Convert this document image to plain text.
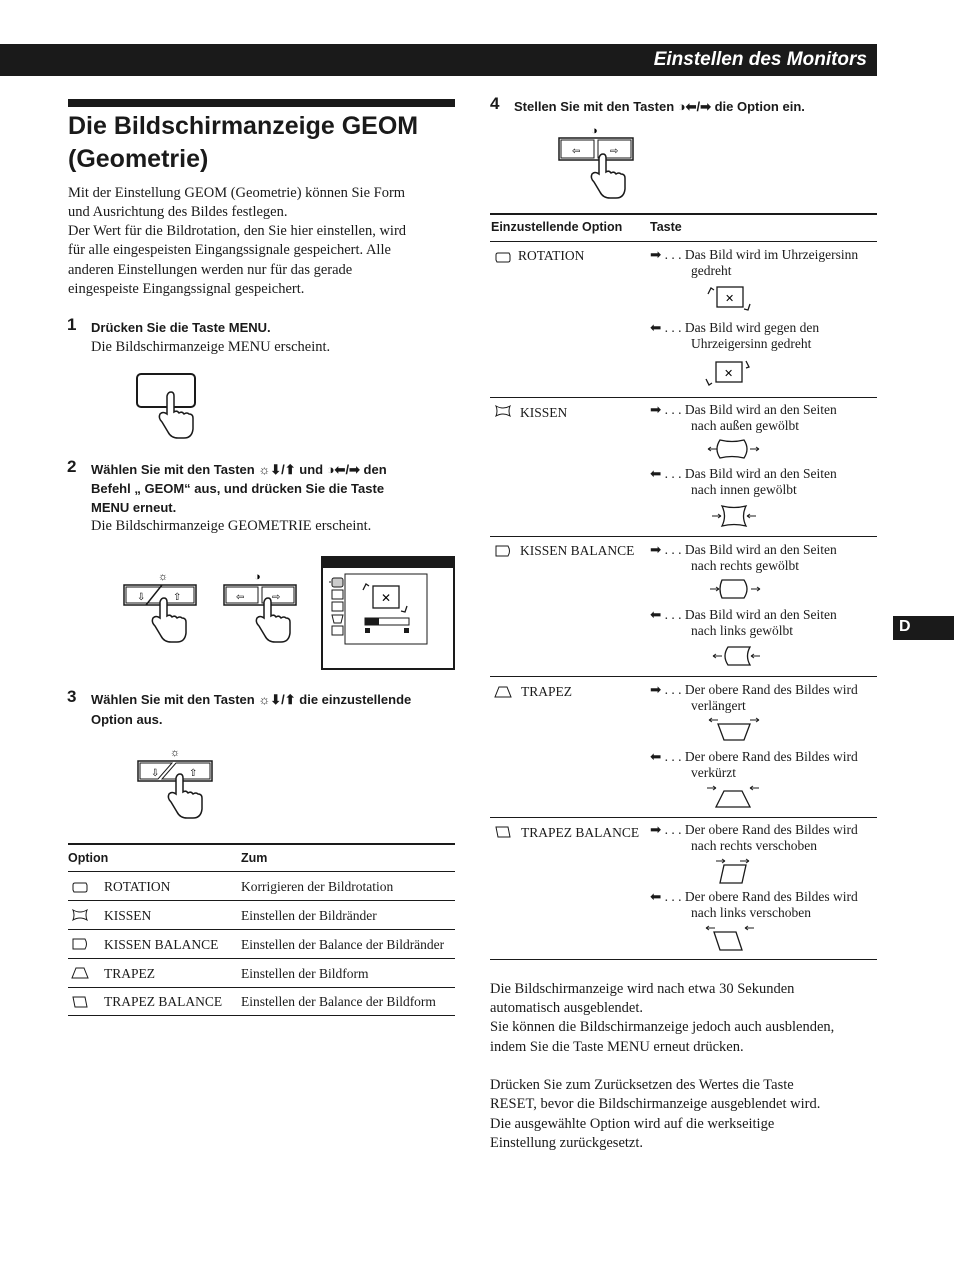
Einstellen des Monitors
Die Bildschirmanzeige GEOM (Geometrie)
Mit der Einstellung GEOM (Geometrie) können Sie Form
und Ausrichtung des Bildes festlegen.
Der Wert für die Bildrotation, den Sie hier einstellen, wird
für alle eingespeisten Eingangssignale gespeichert. Alle
anderen Einstellungen werden nur für das gerade
eingespeiste Eingangssignal gespeichert.
1 Drücken Sie die Taste MENU.
Die Bildschirmanzeige MENU erscheint.
2 Wählen Sie mit den Tasten ☼⬇/⬆ und ◑⬅/➡ den
Befehl „ GEOM“ aus, und drücken Sie die Taste
MENU erneut.
Die Bildschirmanzeige GEOMETRIE erscheint.
☼
⇩	⇧
◑
⇦	⇨	✕
3 Wählen Sie mit den Tasten ☼⬇/⬆ die einzustellende
Option aus.
☼
⇩	⇧
Option	Zum
ROTATION	Korrigieren der Bildrotation
KISSEN	Einstellen der Bildränder
KISSEN BALANCE Einstellen der Balance der Bildränder
TRAPEZ	Einstellen der Bildform
TRAPEZ BALANCE Einstellen der Balance der Bildform
4 Stellen Sie mit den Tasten ◑⬅/➡ die Option ein.
◑
⇦	⇨
Einzustellende Option Taste
ROTATION	➡ . . . Das Bild wird im Uhrzeigersinn
gedreht
✕
⬅ . . . Das Bild wird gegen den
Uhrzeigersinn gedreht
✕
KISSEN	➡ . . . Das Bild wird an den Seiten
nach außen gewölbt
⬅ . . . Das Bild wird an den Seiten
nach innen gewölbt
KISSEN BALANCE ➡ . . . Das Bild wird an den Seiten
nach rechts gewölbt
⬅ . . . Das Bild wird an den Seiten
nach links gewölbt
TRAPEZ	➡ . . . Der obere Rand des Bildes wird
verlängert
⬅ . . . Der obere Rand des Bildes wird
verkürzt
TRAPEZ BALANCE ➡ . . . Der obere Rand des Bildes wird
nach rechts verschoben
⬅ . . . Der obere Rand des Bildes wird
nach links verschoben
Die Bildschirmanzeige wird nach etwa 30 Sekunden
automatisch ausgeblendet.
Sie können die Bildschirmanzeige jedoch auch ausblenden,
indem Sie die Taste MENU erneut drücken.
Drücken Sie zum Zurücksetzen des Wertes die Taste
RESET, bevor die Bildschirmanzeige ausgeblendet wird.
Die ausgewählte Option wird auf die werkseitige
Einstellung zurückgesetzt.
D
